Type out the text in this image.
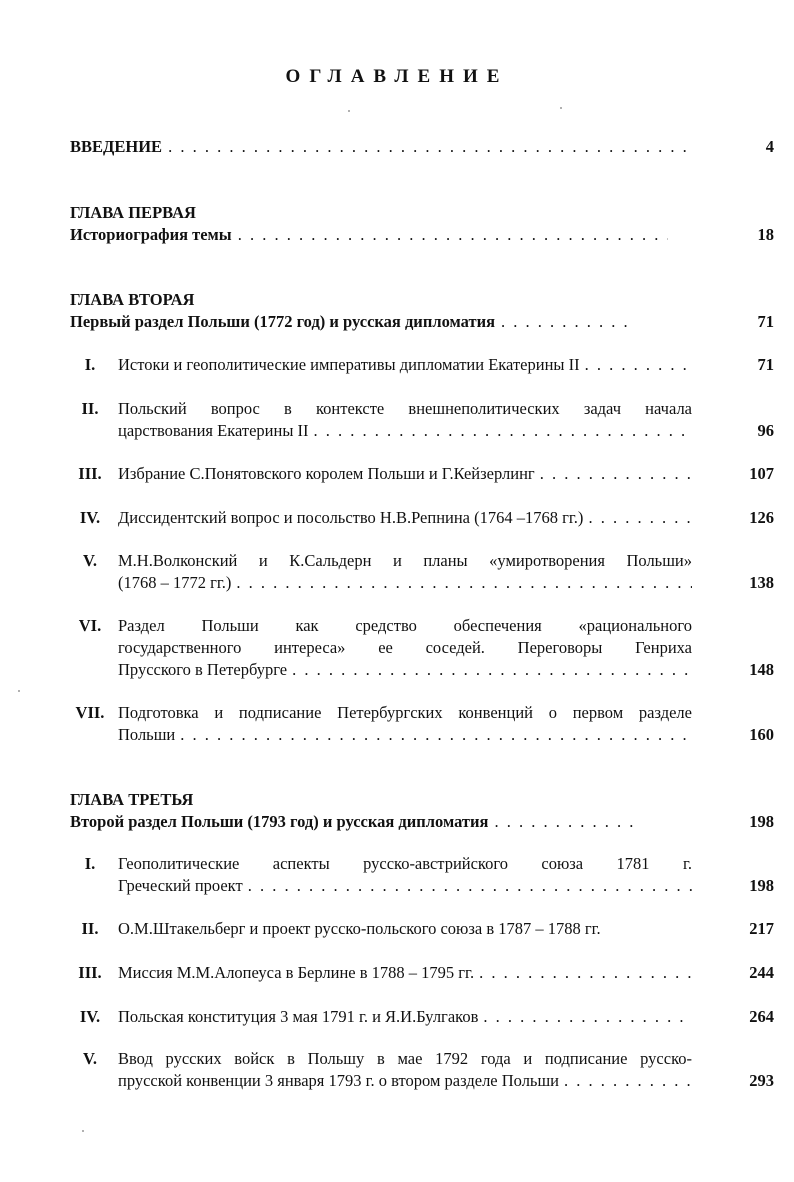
ОГЛАВЛЕНИЕ
ВВЕДЕНИЕ . . .	4
ГЛАВА ПЕРВАЯ
Историография темы . . .	18
ГЛАВА ВТОРАЯ
Первый раздел Польши (1772 год) и русская дипломатия . . .	71
I.	Истоки и геополитические императивы дипломатии Екатерины II . . .	71
II.	Польский вопрос в контексте внешнеполитических задач начала
царствования Екатерины II . . .	96
III. Избрание С.Понятовского королем Польши и Г.Кейзерлинг . . .	107
IV.	Диссидентский вопрос и посольство Н.В.Репнина (1764 –1768 гг.) . . .	126
V.	М.Н.Волконский и К.Сальдерн и планы «умиротворения Польши»
(1768 – 1772 гг.) . . .	138
VI.	Раздел Польши как средство обеспечения «рационального
государственного интереса» ее соседей. Переговоры Генриха
Прусского в Петербурге . . .	148
VII. Подготовка и подписание Петербургских конвенций о первом разделе
Польши . . .	160
ГЛАВА ТРЕТЬЯ
Второй раздел Польши (1793 год) и русская дипломатия . . .	198
I.	Геополитические аспекты русско-австрийского союза 1781 г.
Греческий проект . . .	198
II.	О.М.Штакельберг и проект русско-польского союза в 1787 – 1788 гг.	217
III. Миссия М.М.Алопеуса в Берлине в 1788 – 1795 гг. . . .	244
IV.	Польская конституция 3 мая 1791 г. и Я.И.Булгаков . . .	264
V.	Ввод русских войск в Польшу в мае 1792 года и подписание русско-
прусской конвенции 3 января 1793 г. о втором разделе Польши . . .	293
